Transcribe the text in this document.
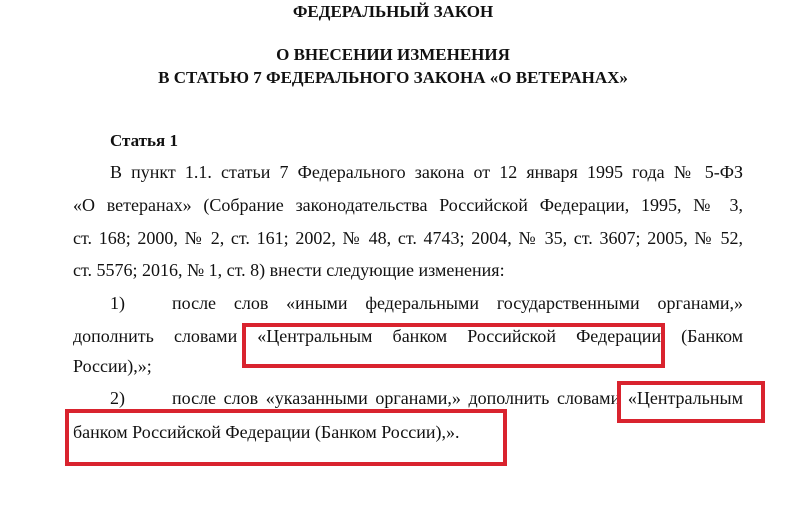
ФЕДЕРАЛЬНЫЙ ЗАКОН
О ВНЕСЕНИИ ИЗМЕНЕНИЯ
В СТАТЬЮ 7 ФЕДЕРАЛЬНОГО ЗАКОНА «О ВЕТЕРАНАХ»
Статья 1
В пункт 1.1. статьи 7 Федерального закона от 12 января 1995 года № 5-ФЗ
«О ветеранах» (Собрание законодательства Российской Федерации, 1995, № 3,
ст. 168; 2000, № 2, ст. 161; 2002, № 48, ст. 4743; 2004, № 35, ст. 3607; 2005, № 52,
ст. 5576; 2016, № 1, ст. 8) внести следующие изменения:
1)	после слов «иными федеральными государственными органами,»
дополнить словами «Центральным банком Российской Федерации (Банком
России),»;
2)	после слов «указанными органами,» дополнить словами «Центральным
банком Российской Федерации (Банком России),».
